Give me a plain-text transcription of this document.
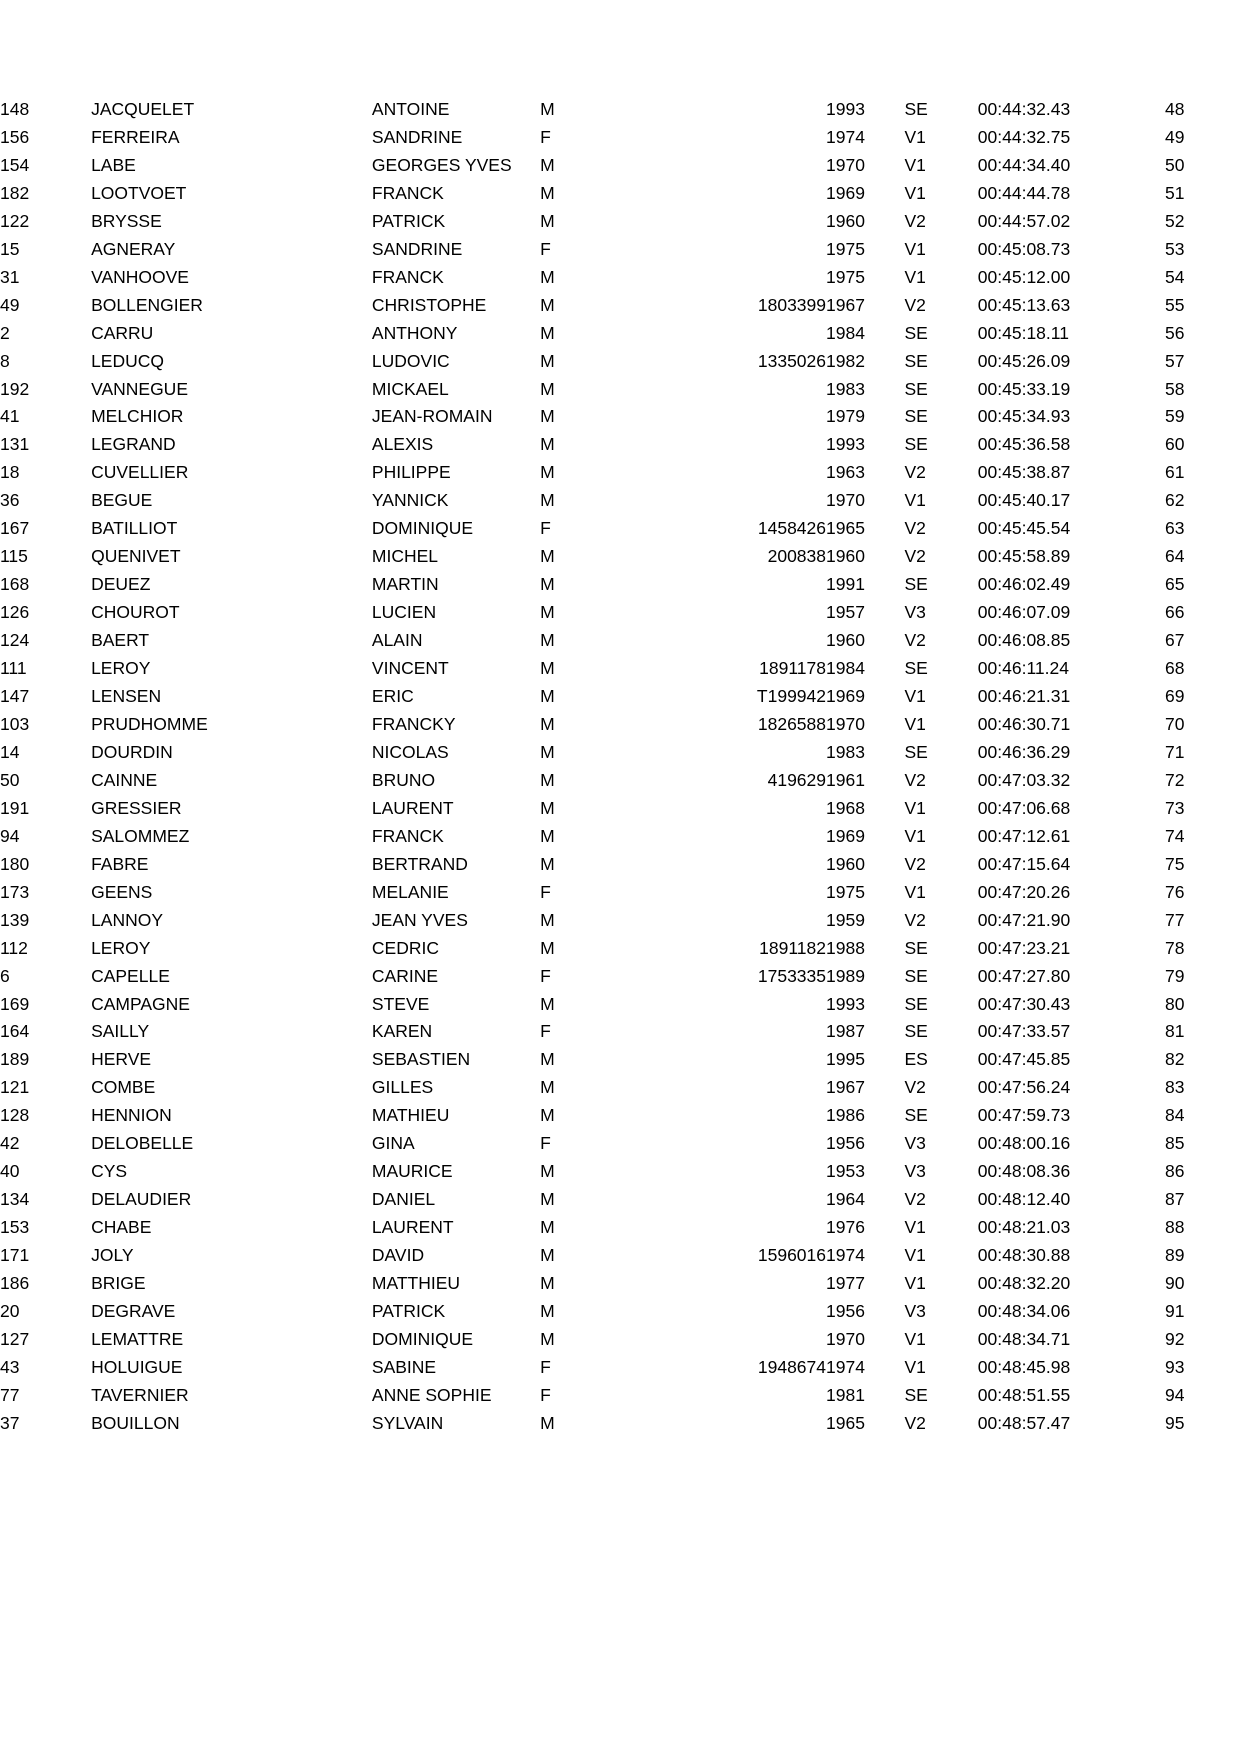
148	JACQUELET	ANTOINE	M		1993	SE	00:44:32.43	48
156	FERREIRA	SANDRINE	F		1974	V1	00:44:32.75	49
154	LABE	GEORGES YVES	M		1970	V1	00:44:34.40	50
182	LOOTVOET	FRANCK	M		1969	V1	00:44:44.78	51
122	BRYSSE	PATRICK	M		1960	V2	00:44:57.02	52
15	AGNERAY	SANDRINE	F		1975	V1	00:45:08.73	53
31	VANHOOVE	FRANCK	M		1975	V1	00:45:12.00	54
49	BOLLENGIER	CHRISTOPHE	M	1803399	1967	V2	00:45:13.63	55
2	CARRU	ANTHONY	M		1984	SE	00:45:18.11	56
8	LEDUCQ	LUDOVIC	M	1335026	1982	SE	00:45:26.09	57
192	VANNEGUE	MICKAEL	M		1983	SE	00:45:33.19	58
41	MELCHIOR	JEAN-ROMAIN	M		1979	SE	00:45:34.93	59
131	LEGRAND	ALEXIS	M		1993	SE	00:45:36.58	60
18	CUVELLIER	PHILIPPE	M		1963	V2	00:45:38.87	61
36	BEGUE	YANNICK	M		1970	V1	00:45:40.17	62
167	BATILLIOT	DOMINIQUE	F	1458426	1965	V2	00:45:45.54	63
115	QUENIVET	MICHEL	M	200838	1960	V2	00:45:58.89	64
168	DEUEZ	MARTIN	M		1991	SE	00:46:02.49	65
126	CHOUROT	LUCIEN	M		1957	V3	00:46:07.09	66
124	BAERT	ALAIN	M		1960	V2	00:46:08.85	67
111	LEROY	VINCENT	M	1891178	1984	SE	00:46:11.24	68
147	LENSEN	ERIC	M	T199942	1969	V1	00:46:21.31	69
103	PRUDHOMME	FRANCKY	M	1826588	1970	V1	00:46:30.71	70
14	DOURDIN	NICOLAS	M		1983	SE	00:46:36.29	71
50	CAINNE	BRUNO	M	419629	1961	V2	00:47:03.32	72
191	GRESSIER	LAURENT	M		1968	V1	00:47:06.68	73
94	SALOMMEZ	FRANCK	M		1969	V1	00:47:12.61	74
180	FABRE	BERTRAND	M		1960	V2	00:47:15.64	75
173	GEENS	MELANIE	F		1975	V1	00:47:20.26	76
139	LANNOY	JEAN YVES	M		1959	V2	00:47:21.90	77
112	LEROY	CEDRIC	M	1891182	1988	SE	00:47:23.21	78
6	CAPELLE	CARINE	F	1753335	1989	SE	00:47:27.80	79
169	CAMPAGNE	STEVE	M		1993	SE	00:47:30.43	80
164	SAILLY	KAREN	F		1987	SE	00:47:33.57	81
189	HERVE	SEBASTIEN	M		1995	ES	00:47:45.85	82
121	COMBE	GILLES	M		1967	V2	00:47:56.24	83
128	HENNION	MATHIEU	M		1986	SE	00:47:59.73	84
42	DELOBELLE	GINA	F		1956	V3	00:48:00.16	85
40	CYS	MAURICE	M		1953	V3	00:48:08.36	86
134	DELAUDIER	DANIEL	M		1964	V2	00:48:12.40	87
153	CHABE	LAURENT	M		1976	V1	00:48:21.03	88
171	JOLY	DAVID	M	1596016	1974	V1	00:48:30.88	89
186	BRIGE	MATTHIEU	M		1977	V1	00:48:32.20	90
20	DEGRAVE	PATRICK	M		1956	V3	00:48:34.06	91
127	LEMATTRE	DOMINIQUE	M		1970	V1	00:48:34.71	92
43	HOLUIGUE	SABINE	F	1948674	1974	V1	00:48:45.98	93
77	TAVERNIER	ANNE SOPHIE	F		1981	SE	00:48:51.55	94
37	BOUILLON	SYLVAIN	M		1965	V2	00:48:57.47	95
